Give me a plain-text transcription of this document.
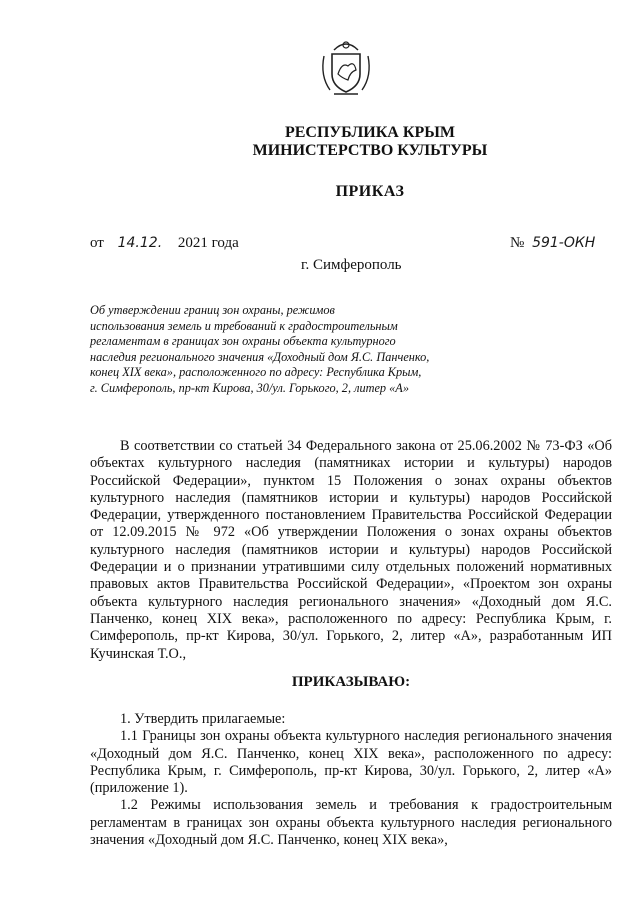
РЕСПУБЛИКА КРЫМ
МИНИСТЕРСТВО КУЛЬТУРЫ
ПРИКАЗ
от 14.12. 2021 года	№ 591-ОКН
г. Симферополь
Об утверждении границ зон охраны, режимов
использования земель и требований к градостроительным
регламентам в границах зон охраны объекта культурного
наследия регионального значения «Доходный дом Я.С. Панченко,
конец XIX века», расположенного по адресу: Республика Крым,
г. Симферополь, пр-кт Кирова, 30/ул. Горького, 2, литер «А»

В соответствии со статьей 34 Федерального закона от 25.06.2002 № 73-ФЗ «Об объектах культурного наследия (памятниках истории и культуры) народов Российской Федерации», пунктом 15 Положения о зонах охраны объектов культурного наследия (памятников истории и культуры) народов Российской Федерации, утвержденного постановлением Правительства Российской Федерации от 12.09.2015 № 972 «Об утверждении Положения о зонах охраны объектов культурного наследия (памятников истории и культуры) народов Российской Федерации и о признании утратившими силу отдельных положений нормативных правовых актов Правительства Российской Федерации», «Проектом зон охраны объекта культурного наследия регионального значения» «Доходный дом Я.С. Панченко, конец XIX века», расположенного по адресу: Республика Крым, г. Симферополь, пр-кт Кирова, 30/ул. Горького, 2, литер «А», разработанным ИП Кучинская Т.О.,

ПРИКАЗЫВАЮ:

1. Утвердить прилагаемые:

1.1 Границы зон охраны объекта культурного наследия регионального значения «Доходный дом Я.С. Панченко, конец XIX века», расположенного по адресу: Республика Крым, г. Симферополь, пр-кт Кирова, 30/ул. Горького, 2, литер «А» (приложение 1).

1.2 Режимы использования земель и требования к градостроительным регламентам в границах зон охраны объекта культурного наследия регионального значения «Доходный дом Я.С. Панченко, конец XIX века»,
